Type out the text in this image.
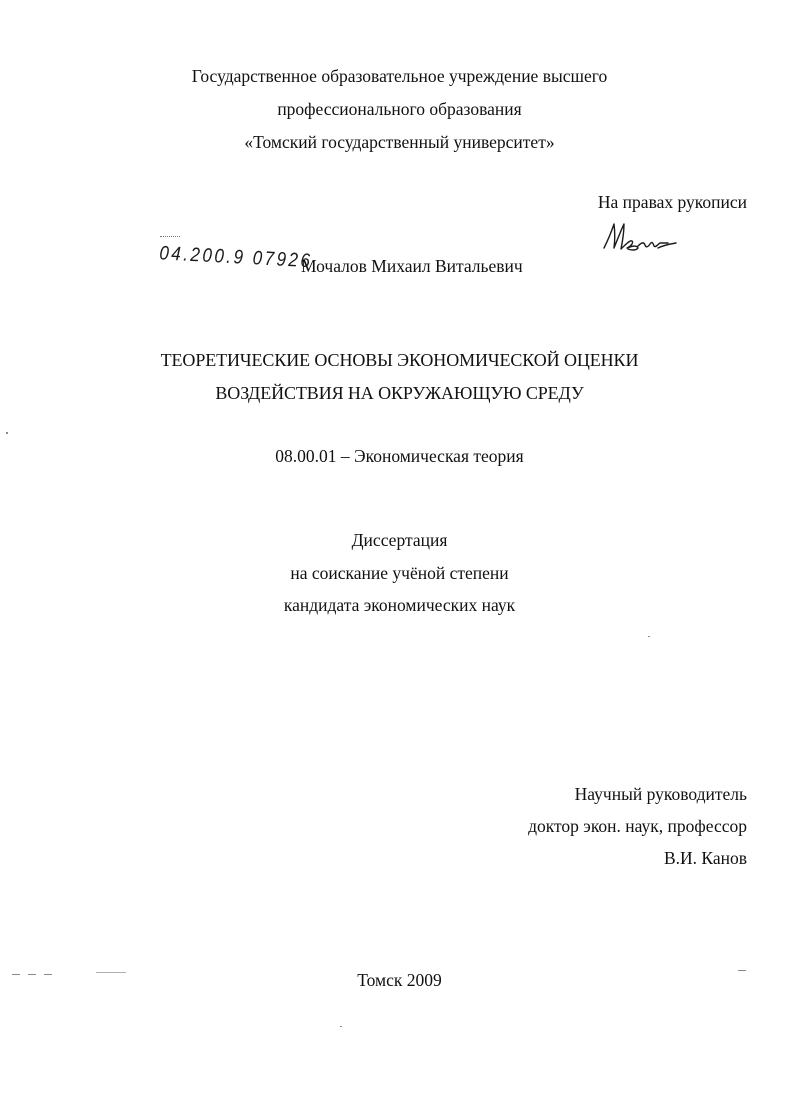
Государственное образовательное учреждение высшего
профессионального образования
«Томский государственный университет»
На правах рукописи
04.200.9 07926
Мочалов Михаил Витальевич
ТЕОРЕТИЧЕСКИЕ ОСНОВЫ ЭКОНОМИЧЕСКОЙ ОЦЕНКИ
ВОЗДЕЙСТВИЯ НА ОКРУЖАЮЩУЮ СРЕДУ
08.00.01 – Экономическая теория
Диссертация
на соискание учёной степени
кандидата экономических наук
Научный руководитель
доктор экон. наук, профессор
В.И. Канов
Томск 2009
